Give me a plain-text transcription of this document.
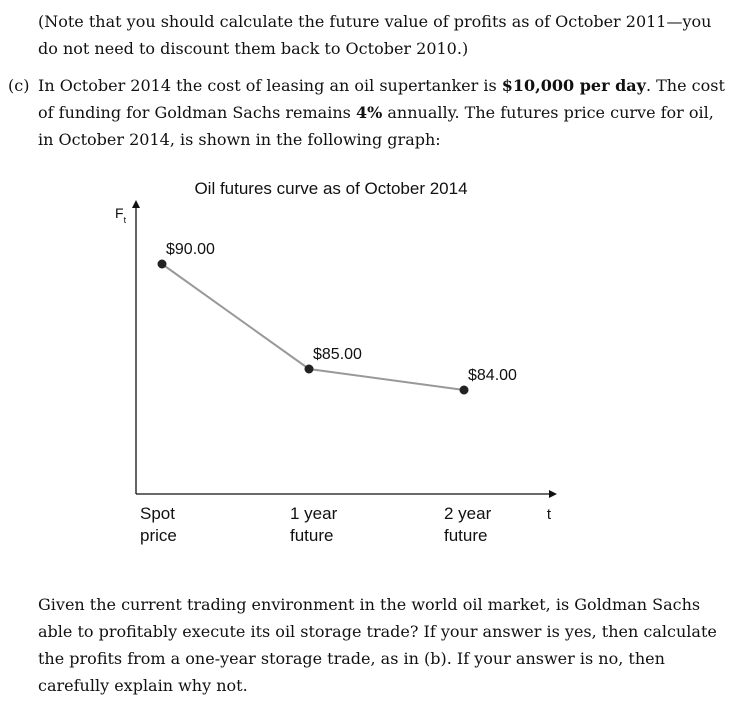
(Note that you should calculate the future value of profits as of October 2011—you do not need to discount them back to October 2010.)

(c) In October 2014 the cost of leasing an oil supertanker is $10,000 per day. The cost of funding for Goldman Sachs remains 4% annually. The futures price curve for oil, in October 2014, is shown in the following graph:

Oil futures curve as of October 2014
$F_t$
t
$90.00
Spot price
$85.00
1 year future
$84.00
2 year future

Given the current trading environment in the world oil market, is Goldman Sachs able to profitably execute its oil storage trade? If your answer is yes, then calculate the profits from a one-year storage trade, as in (b). If your answer is no, then carefully explain why not.
